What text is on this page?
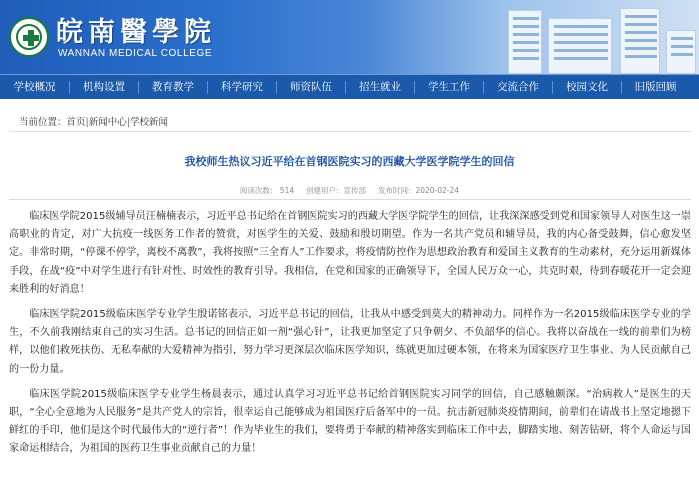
皖南醫學院
WANNAN MEDICAL COLLEGE
学校概况	机构设置	教育教学	科学研究	师资队伍	招生就业	学生工作	交流合作	校园文化	旧版回顾
当前位置：首页|新闻中心|学校新闻
我校师生热议习近平给在首钢医院实习的西藏大学医学院学生的回信
阅读次数： 514 创建用户：宣传部 发布时间：2020-02-24

临床医学院2015级辅导员汪楠楠表示，习近平总书记给在首钢医院实习的西藏大学医学院学生的回信，让我深深感受到党和国家领导人对医生这一崇高职业的肯定，对广大抗疫一线医务工作者的赞赏，对医学生的关爱、鼓励和殷切期望。作为一名共产党员和辅导员，我的内心备受鼓舞，信心愈发坚定。非常时期，“停课不停学，离校不离教”，我将按照“三全育人”工作要求，将疫情防控作为思想政治教育和爱国主义教育的生动素材，充分运用新媒体手段，在战“疫”中对学生进行有针对性、时效性的教育引导。我相信，在党和国家的正确领导下，全国人民万众一心，共克时艰，待到春暖花开一定会迎来胜利的好消息！

临床医学院2015级临床医学专业学生殷诺铭表示，习近平总书记的回信，让我从中感受到莫大的精神动力。同样作为一名2015级临床医学专业的学生，不久前我刚结束自己的实习生活。总书记的回信正如一剂“强心针”，让我更加坚定了只争朝夕、不负韶华的信心。我将以奋战在一线的前辈们为榜样，以他们救死扶伤、无私奉献的大爱精神为指引，努力学习更深层次临床医学知识，练就更加过硬本领，在将来为国家医疗卫生事业、为人民贡献自己的一份力量。

临床医学院2015级临床医学专业学生杨晨表示，通过认真学习习近平总书记给首钢医院实习同学的回信，自己感触颇深。“治病救人”是医生的天职，“全心全意地为人民服务”是共产党人的宗旨，很幸运自己能够成为祖国医疗后备军中的一员。抗击新冠肺炎疫情期间，前辈们在请战书上坚定地摁下鲜红的手印，他们是这个时代最伟大的“逆行者”！作为毕业生的我们，要将勇于奉献的精神落实到临床工作中去，脚踏实地、刻苦钻研，将个人命运与国家命运相结合，为祖国的医药卫生事业贡献自己的力量！
